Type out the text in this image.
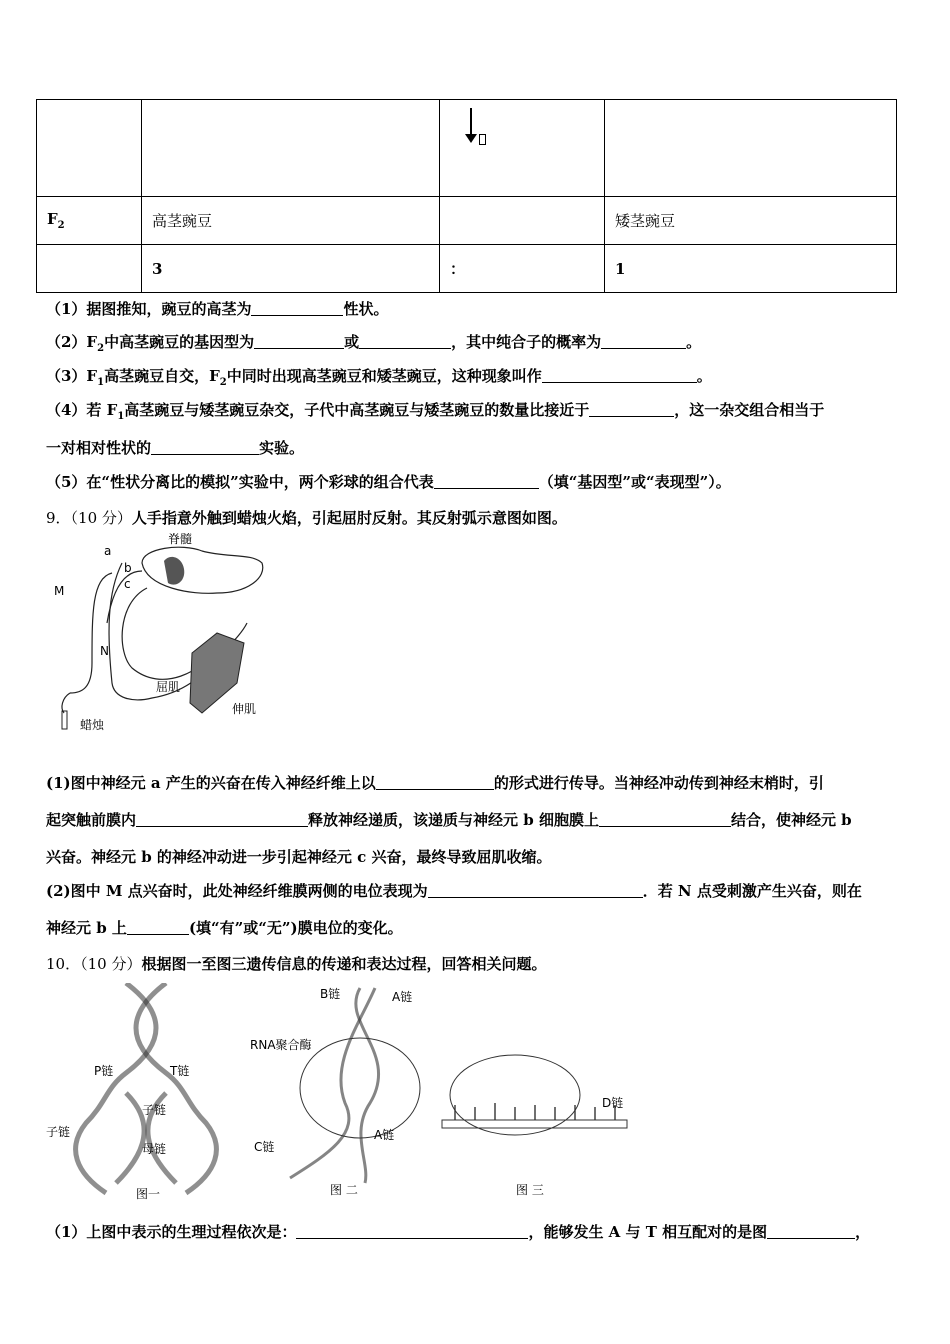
$F_2$	高茎豌豆		矮茎豌豆
	3	：	1
（1）据图推知，豌豆的高茎为	性状。
$(2)F_2$中高茎豌豆的基因型为	或	，其中纯合子的概率为	。
$(3)F_1$高茎豌豆自交，$F_2$中同时出现高茎豌豆和矮茎豌豆，这种现象叫作	。
（4）若 $F_1$高茎豌豆与矮茎豌豆杂交，子代中高茎豌豆与矮茎豌豆的数量比接近于	，这一杂交组合相当于
一对相对性状的	实验。
（5）在“性状分离比的模拟”实验中，两个彩球的组合代表	（填“基因型”或“表现型”）。
9．（10 分）人手指意外触到蜡烛火焰，引起屈肘反射。其反射弧示意图如图。
脊髓
a
b
c
M
N
屈肌
伸肌
蜡烛
(1)图中神经元 a 产生的兴奋在传入神经纤维上以	的形式进行传导。当神经冲动传到神经末梢时，引
起突触前膜内	释放神经递质，该递质与神经元 b 细胞膜上	结合，使神经元 b
兴奋。神经元 b 的神经冲动进一步引起神经元 c 兴奋，最终导致屈肌收缩。
(2)图中 M 点兴奋时，此处神经纤维膜两侧的电位表现为	．若 N 点受刺激产生兴奋，则在
神经元 b 上	(填“有”或“无”)膜电位的变化。
10．（10 分）根据图一至图三遗传信息的传递和表达过程，回答相关问题。
P链	T链
子链
子链
母链
图一
B链	A链
RNA聚合酶
C链
A链
图 二
D链
图 三
（1）上图中表示的生理过程依次是：	，能够发生 A 与 T 相互配对的是图	，
